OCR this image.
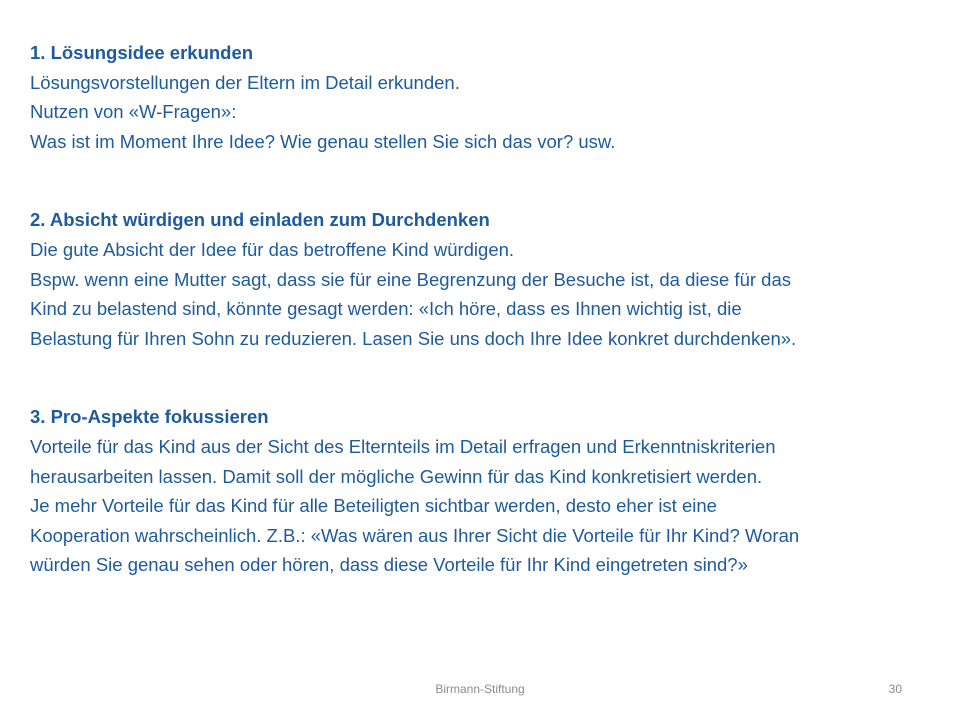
1. Lösungsidee erkunden
Lösungsvorstellungen der Eltern im Detail erkunden.
Nutzen von «W-Fragen»:
Was ist im Moment Ihre Idee? Wie genau stellen Sie sich das vor? usw.
2. Absicht würdigen und einladen zum Durchdenken
Die gute Absicht der Idee für das betroffene Kind würdigen.
Bspw. wenn eine Mutter sagt, dass sie für eine Begrenzung der Besuche ist, da diese für das
Kind zu belastend sind, könnte gesagt werden: «Ich höre, dass es Ihnen wichtig ist, die
Belastung für Ihren Sohn zu reduzieren. Lasen Sie uns doch Ihre Idee konkret durchdenken».
3. Pro-Aspekte fokussieren
Vorteile für das Kind aus der Sicht des Elternteils im Detail erfragen und Erkenntniskriterien
herausarbeiten lassen. Damit soll der mögliche Gewinn für das Kind konkretisiert werden.
Je mehr Vorteile für das Kind für alle Beteiligten sichtbar werden, desto eher ist eine
Kooperation wahrscheinlich. Z.B.: «Was wären aus Ihrer Sicht die Vorteile für Ihr Kind? Woran
würden Sie genau sehen oder hören, dass diese Vorteile für Ihr Kind eingetreten sind?»
Birmann-Stiftung	30
